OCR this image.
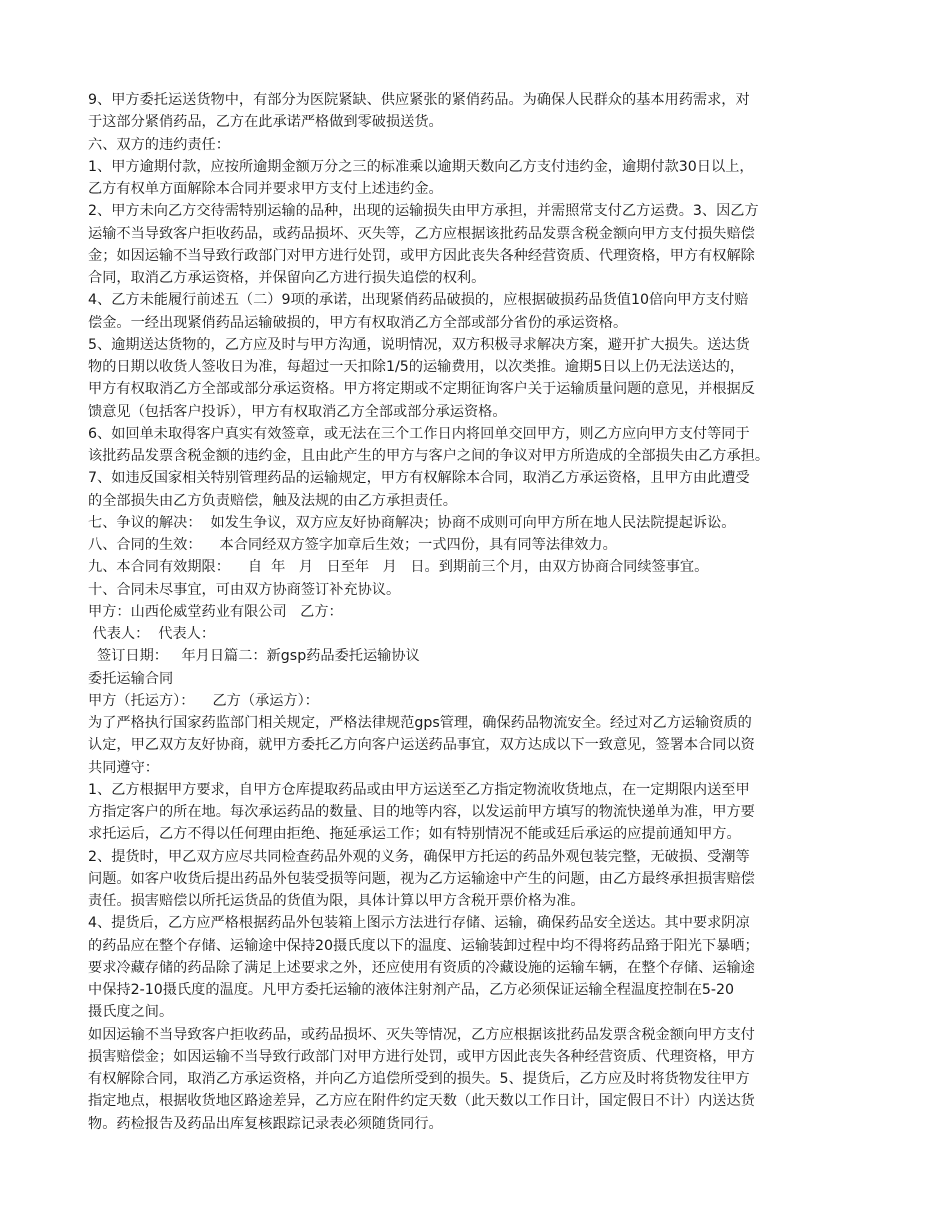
9、甲方委托运送货物中，有部分为医院紧缺、供应紧张的紧俏药品。为确保人民群众的基本用药需求，对
于这部分紧俏药品，乙方在此承诺严格做到零破损送货。
六、双方的违约责任：
1、甲方逾期付款，应按所逾期金额万分之三的标准乘以逾期天数向乙方支付违约金，逾期付款30日以上，
乙方有权单方面解除本合同并要求甲方支付上述违约金。
2、甲方未向乙方交待需特别运输的品种，出现的运输损失由甲方承担，并需照常支付乙方运费。3、因乙方
运输不当导致客户拒收药品，或药品损坏、灭失等，乙方应根据该批药品发票含税金额向甲方支付损失赔偿
金；如因运输不当导致行政部门对甲方进行处罚，或甲方因此丧失各种经营资质、代理资格，甲方有权解除
合同，取消乙方承运资格，并保留向乙方进行损失追偿的权利。
4、乙方未能履行前述五（二）9项的承诺，出现紧俏药品破损的，应根据破损药品货值10倍向甲方支付赔
偿金。一经出现紧俏药品运输破损的，甲方有权取消乙方全部或部分省份的承运资格。
5、逾期送达货物的，乙方应及时与甲方沟通，说明情况，双方积极寻求解决方案，避开扩大损失。送达货
物的日期以收货人签收日为准，每超过一天扣除1/5的运输费用，以次类推。逾期5日以上仍无法送达的，
甲方有权取消乙方全部或部分承运资格。甲方将定期或不定期征询客户关于运输质量问题的意见，并根据反
馈意见（包括客户投诉），甲方有权取消乙方全部或部分承运资格。
6、如回单未取得客户真实有效签章，或无法在三个工作日内将回单交回甲方，则乙方应向甲方支付等同于
该批药品发票含税金额的违约金，且由此产生的甲方与客户之间的争议对甲方所造成的全部损失由乙方承担。
7、如违反国家相关特别管理药品的运输规定，甲方有权解除本合同，取消乙方承运资格，且甲方由此遭受
的全部损失由乙方负责赔偿，触及法规的由乙方承担责任。
七、争议的解决：  如发生争议，双方应友好协商解决；协商不成则可向甲方所在地人民法院提起诉讼。
八、合同的生效：    本合同经双方签字加章后生效；一式四份，具有同等法律效力。
九、本合同有效期限：    自  年   月   日至年   月   日。到期前三个月，由双方协商合同续签事宜。
十、合同未尽事宜，可由双方协商签订补充协议。
甲方：山西伦威堂药业有限公司   乙方：
代表人：  代表人：
签订日期：   年月日篇二：新gsp药品委托运输协议
委托运输合同
甲方（托运方）：    乙方（承运方）：
为了严格执行国家药监部门相关规定，严格法律规范gps管理，确保药品物流安全。经过对乙方运输资质的
认定，甲乙双方友好协商，就甲方委托乙方向客户运送药品事宜，双方达成以下一致意见，签署本合同以资
共同遵守：
1、乙方根据甲方要求，自甲方仓库提取药品或由甲方运送至乙方指定物流收货地点，在一定期限内送至甲
方指定客户的所在地。每次承运药品的数量、目的地等内容，以发运前甲方填写的物流快递单为准，甲方要
求托运后，乙方不得以任何理由拒绝、拖延承运工作；如有特别情况不能或廷后承运的应提前通知甲方。
2、提货时，甲乙双方应尽共同检查药品外观的义务，确保甲方托运的药品外观包装完整，无破损、受潮等
问题。如客户收货后提出药品外包装受损等问题，视为乙方运输途中产生的问题，由乙方最终承担损害赔偿
责任。损害赔偿以所托运货品的货值为限，具体计算以甲方含税开票价格为准。
4、提货后，乙方应严格根据药品外包装箱上图示方法进行存储、运输，确保药品安全送达。其中要求阴凉
的药品应在整个存储、运输途中保持20摄氏度以下的温度、运输装卸过程中均不得将药品臵于阳光下暴晒；
要求冷藏存储的药品除了满足上述要求之外，还应使用有资质的冷藏设施的运输车辆，在整个存储、运输途
中保持2-10摄氏度的温度。凡甲方委托运输的液体注射剂产品，乙方必须保证运输全程温度控制在5-20
摄氏度之间。
如因运输不当导致客户拒收药品，或药品损坏、灭失等情况，乙方应根据该批药品发票含税金额向甲方支付
损害赔偿金；如因运输不当导致行政部门对甲方进行处罚，或甲方因此丧失各种经营资质、代理资格，甲方
有权解除合同，取消乙方承运资格，并向乙方追偿所受到的损失。5、提货后，乙方应及时将货物发往甲方
指定地点，根据收货地区路途差异，乙方应在附件约定天数（此天数以工作日计，国定假日不计）内送达货
物。药检报告及药品出库复核跟踪记录表必须随货同行。
